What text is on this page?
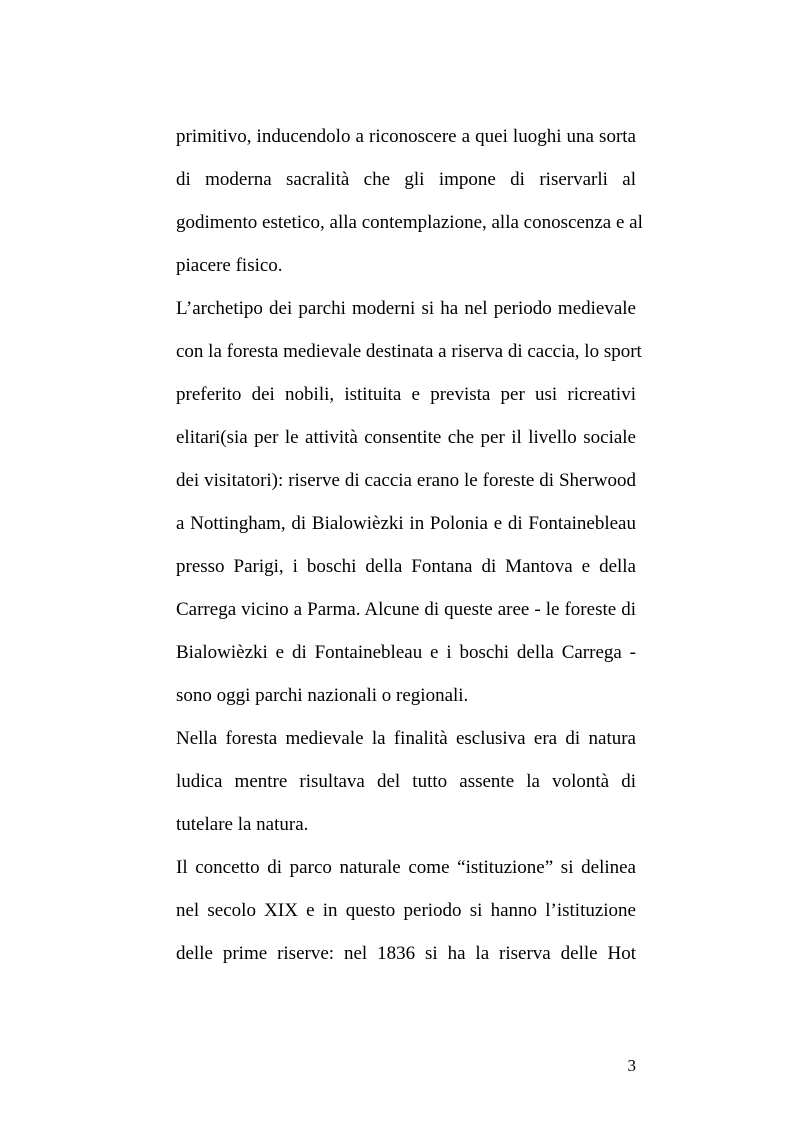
primitivo, inducendolo a riconoscere a quei luoghi una sorta

di moderna sacralità che gli impone di riservarli al

godimento estetico, alla contemplazione, alla conoscenza e al

piacere fisico.

L’archetipo dei parchi moderni si ha nel periodo medievale

con la foresta medievale destinata a riserva di caccia, lo sport

preferito dei nobili, istituita e prevista per usi ricreativi

elitari(sia per le attività consentite che per il livello sociale

dei visitatori): riserve di caccia erano le foreste di Sherwood

a Nottingham, di Bialowièzki in Polonia e di Fontainebleau

presso Parigi, i boschi della Fontana di Mantova e della

Carrega vicino a Parma. Alcune di queste aree - le foreste di

Bialowièzki e di Fontainebleau e i boschi della Carrega -

sono oggi parchi nazionali o regionali.

Nella foresta medievale la finalità esclusiva era di natura

ludica mentre risultava del tutto assente la volontà di

tutelare la natura.

Il concetto di parco naturale come “istituzione” si delinea

nel secolo XIX e in questo periodo si hanno l’istituzione

delle prime riserve: nel 1836 si ha la riserva delle Hot

3
